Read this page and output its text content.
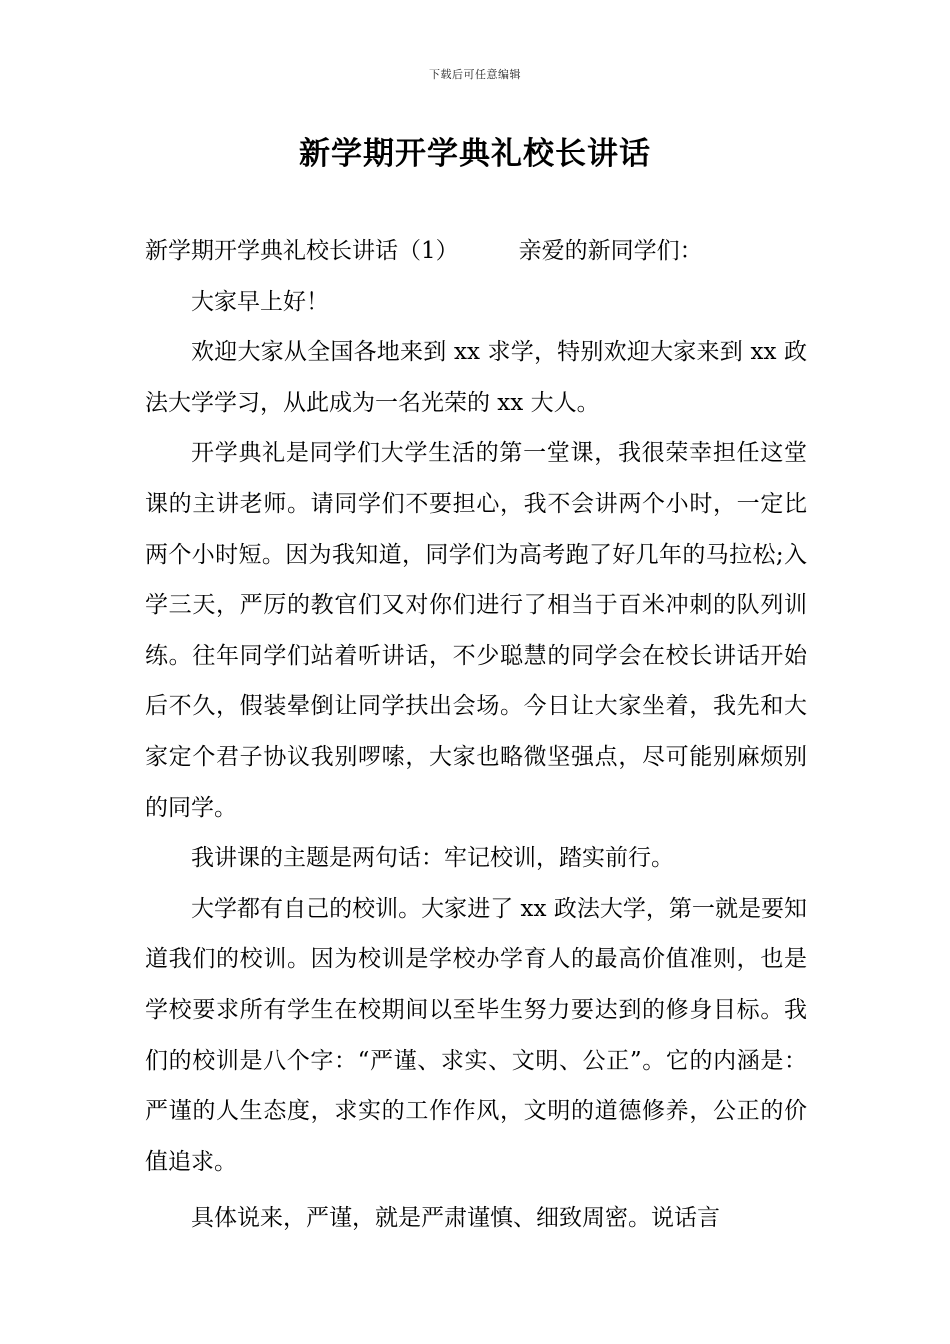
下载后可任意编辑
新学期开学典礼校长讲话

新学期开学典礼校长讲话（1）	亲爱的新同学们：

大家早上好！

欢迎大家从全国各地来到 xx 求学，特别欢迎大家来到 xx 政法大学学习，从此成为一名光荣的 xx 大人。

开学典礼是同学们大学生活的第一堂课，我很荣幸担任这堂课的主讲老师。请同学们不要担心，我不会讲两个小时，一定比两个小时短。因为我知道，同学们为高考跑了好几年的马拉松;入学三天，严厉的教官们又对你们进行了相当于百米冲刺的队列训练。往年同学们站着听讲话，不少聪慧的同学会在校长讲话开始后不久，假装晕倒让同学扶出会场。今日让大家坐着，我先和大家定个君子协议我别啰嗦，大家也略微坚强点，尽可能别麻烦别的同学。

我讲课的主题是两句话：牢记校训，踏实前行。

大学都有自己的校训。大家进了 xx 政法大学，第一就是要知道我们的校训。因为校训是学校办学育人的最高价值准则，也是学校要求所有学生在校期间以至毕生努力要达到的修身目标。我们的校训是八个字：“严谨、求实、文明、公正”。它的内涵是：严谨的人生态度，求实的工作作风，文明的道德修养，公正的价值追求。

具体说来，严谨，就是严肃谨慎、细致周密。说话言
